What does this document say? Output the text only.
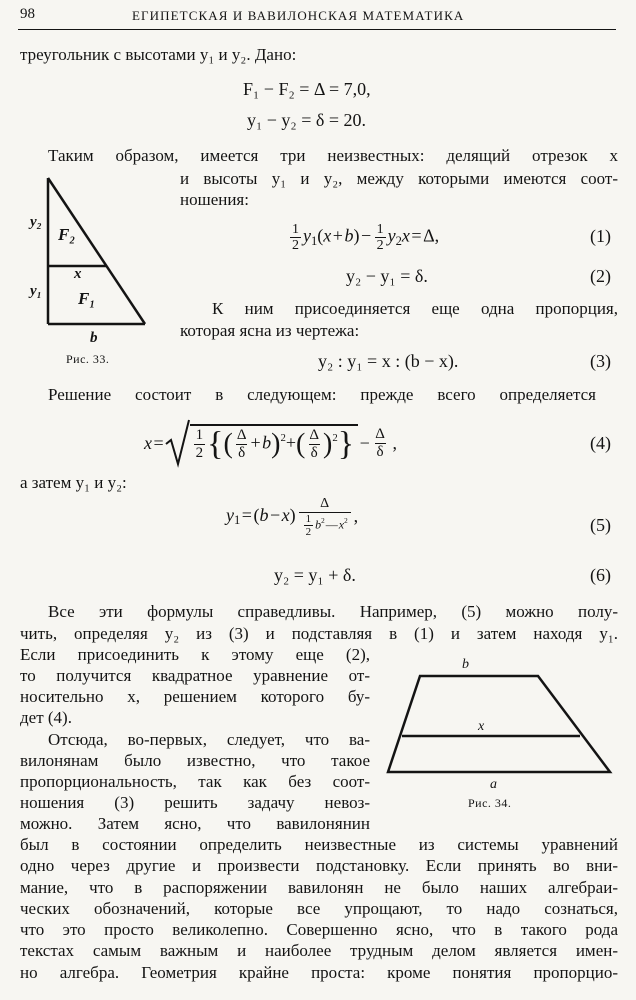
98	ЕГИПЕТСКАЯ И ВАВИЛОНСКАЯ МАТЕМАТИКА
треугольник с высотами y₁ и y₂. Дано:
F₁ − F₂ = Δ = 7,0,
y₁ − y₂ = δ = 20.
Таким образом, имеется три неизвестных: делящий отрезок x
и высоты y₁ и y₂, между которыми имеются соот-
ношения:
y₂
y₁
F₂
F₁
x
b
Рис. 33.
$\frac{1}{2} y_1(x$ + b) −  $\frac{1}{2} y_2x$ = Δ,	(1)
y₂ − y₁ = δ.	(2)
К ним присоединяется еще одна пропорция,
которая ясна из чертежа:
y₂ : y₁ = x : (b − x).	(3)
Решение состоит в следующем: прежде всего определяется
x = $\frac{1}{2}$ {( $\frac{\Delta}{\delta}$ + $b)^2+( \frac{\Delta}{\delta} )^2$} −  $\frac{\Delta}{\delta}$  ,	(4)
а затем y₁ и y₂:
$y_1$ = (b − $x) \frac{\Delta}{\frac{1}{2} b^2 — x^2}$ ,	(5)
y₂ = y₁ + δ.	(6)
Все эти формулы справедливы. Например, (5) можно полу-
чить, определяя y₂ из (3) и подставляя в (1) и затем находя y₁.
Если присоединить к этому еще (2),
то получится квадратное уравнение от-
носительно x, решением которого бу-
дет (4).
Отсюда, во-первых, следует, что ва-
вилонянам было известно, что такое
пропорциональность, так как без соот-
ношения (3) решить задачу невоз-
можно. Затем ясно, что вавилонянин
был в состоянии определить неизвестные из системы уравнений
одно через другие и произвести подстановку. Если принять во вни-
мание, что в распоряжении вавилонян не было наших алгебраи-
ческих обозначений, которые все упрощают, то надо сознаться,
что это просто великолепно. Совершенно ясно, что в такого рода
текстах самым важным и наиболее трудным делом является имен-
но алгебра. Геометрия крайне проста: кроме понятия пропорцио-
b
x
a
Рис. 34.
